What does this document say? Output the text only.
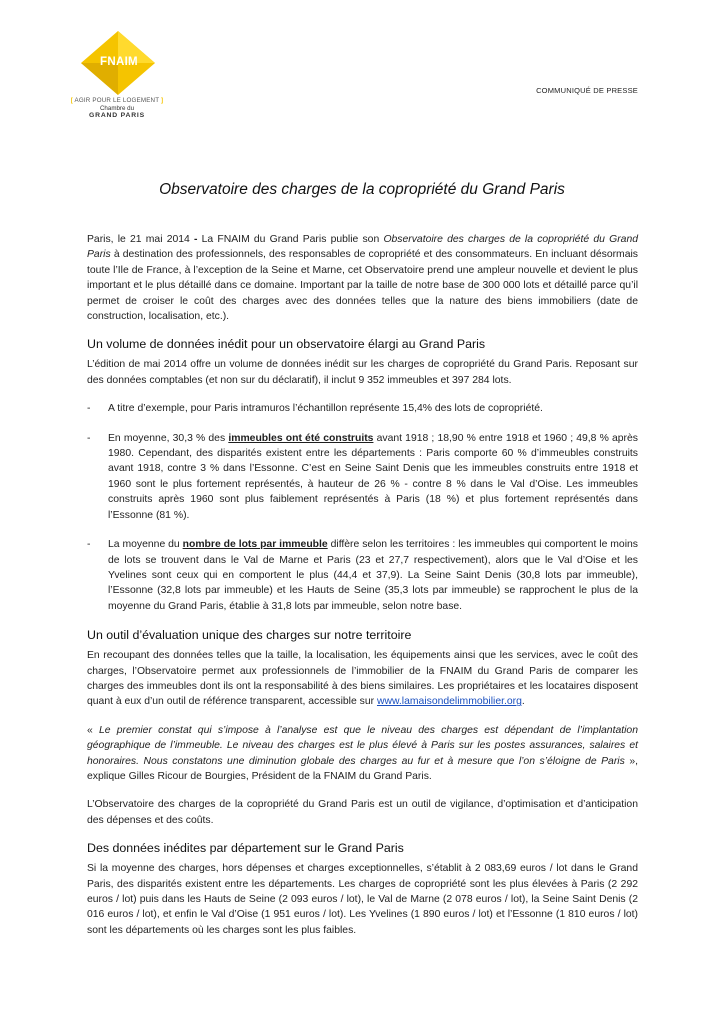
FNAIM
[ AGIR POUR LE LOGEMENT ]
Chambre du
GRAND PARIS
COMMUNIQUÉ DE PRESSE
Observatoire des charges de la copropriété du Grand Paris

Paris, le 21 mai 2014 - La FNAIM du Grand Paris publie son Observatoire des charges de la copropriété du Grand Paris à destination des professionnels, des responsables de copropriété et des consommateurs. En incluant désormais toute l’Ile de France, à l’exception de la Seine et Marne, cet Observatoire prend une ampleur nouvelle et devient le plus important et le plus détaillé dans ce domaine. Important par la taille de notre base de 300 000 lots et détaillé parce qu’il permet de croiser le coût des charges avec des données telles que la nature des biens immobiliers (date de construction, localisation, etc.).

Un volume de données inédit pour un observatoire élargi au Grand Paris

L’édition de mai 2014 offre un volume de données inédit sur les charges de copropriété du Grand Paris. Reposant sur des données comptables (et non sur du déclaratif), il inclut 9 352 immeubles et 397 284 lots.

- A titre d’exemple, pour Paris intramuros l’échantillon représente 15,4% des lots de copropriété.
- En moyenne, 30,3 % des immeubles ont été construits avant 1918 ; 18,90 % entre 1918 et 1960 ; 49,8 % après 1980. Cependant, des disparités existent entre les départements : Paris comporte 60 % d’immeubles construits avant 1918, contre 3 % dans l’Essonne. C’est en Seine Saint Denis que les immeubles construits entre 1918 et 1960 sont le plus fortement représentés, à hauteur de 26 % - contre 8 % dans le Val d’Oise. Les immeubles construits après 1960 sont plus faiblement représentés à Paris (18 %) et plus fortement représentés dans l’Essonne (81 %).
- La moyenne du nombre de lots par immeuble diffère selon les territoires : les immeubles qui comportent le moins de lots se trouvent dans le Val de Marne et Paris (23 et 27,7 respectivement), alors que le Val d’Oise et les Yvelines sont ceux qui en comportent le plus (44,4 et 37,9). La Seine Saint Denis (30,8 lots par immeuble), l’Essonne (32,8 lots par immeuble) et les Hauts de Seine (35,3 lots par immeuble) se rapprochent le plus de la moyenne du Grand Paris, établie à 31,8 lots par immeuble, selon notre base.
Un outil d’évaluation unique des charges sur notre territoire

En recoupant des données telles que la taille, la localisation, les équipements ainsi que les services, avec le coût des charges, l’Observatoire permet aux professionnels de l’immobilier de la FNAIM du Grand Paris de comparer les charges des immeubles dont ils ont la responsabilité à des biens similaires. Les propriétaires et les locataires disposent quant à eux d’un outil de référence transparent, accessible sur www.lamaisondelimmobilier.org.

« Le premier constat qui s’impose à l’analyse est que le niveau des charges est dépendant de l’implantation géographique de l’immeuble. Le niveau des charges est le plus élevé à Paris sur les postes assurances, salaires et honoraires. Nous constatons une diminution globale des charges au fur et à mesure que l’on s’éloigne de Paris », explique Gilles Ricour de Bourgies, Président de la FNAIM du Grand Paris.

L’Observatoire des charges de la copropriété du Grand Paris est un outil de vigilance, d’optimisation et d’anticipation des dépenses et des coûts.

Des données inédites par département sur le Grand Paris

Si la moyenne des charges, hors dépenses et charges exceptionnelles, s’établit à 2 083,69 euros / lot dans le Grand Paris, des disparités existent entre les départements. Les charges de copropriété sont les plus élevées à Paris (2 292 euros / lot) puis dans les Hauts de Seine (2 093 euros / lot), le Val de Marne (2 078 euros / lot), la Seine Saint Denis (2 016 euros / lot), et enfin le Val d’Oise (1 951 euros / lot). Les Yvelines (1 890 euros / lot) et l’Essonne (1 810 euros / lot) sont les départements où les charges sont les plus faibles.
